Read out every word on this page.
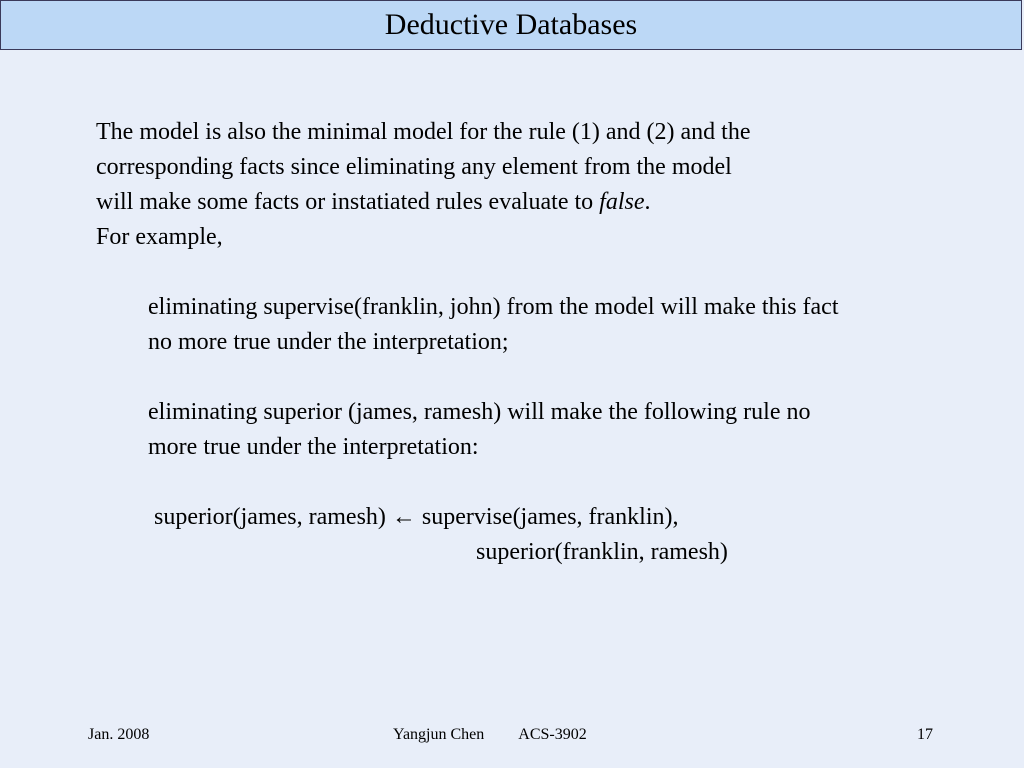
Deductive Databases

The model is also the minimal model for the rule (1) and (2) and the

corresponding facts since eliminating any element from the model

will make some facts or instatiated rules evaluate to false.

For example,

eliminating supervise(franklin, john) from the model will make this fact

no more true under the interpretation;

eliminating superior (james, ramesh) will make the following rule no

more true under the interpretation:

superior(james, ramesh) ← supervise(james, franklin),

superior(franklin, ramesh)

Jan. 2008	Yangjun Chen ACS-3902	17
